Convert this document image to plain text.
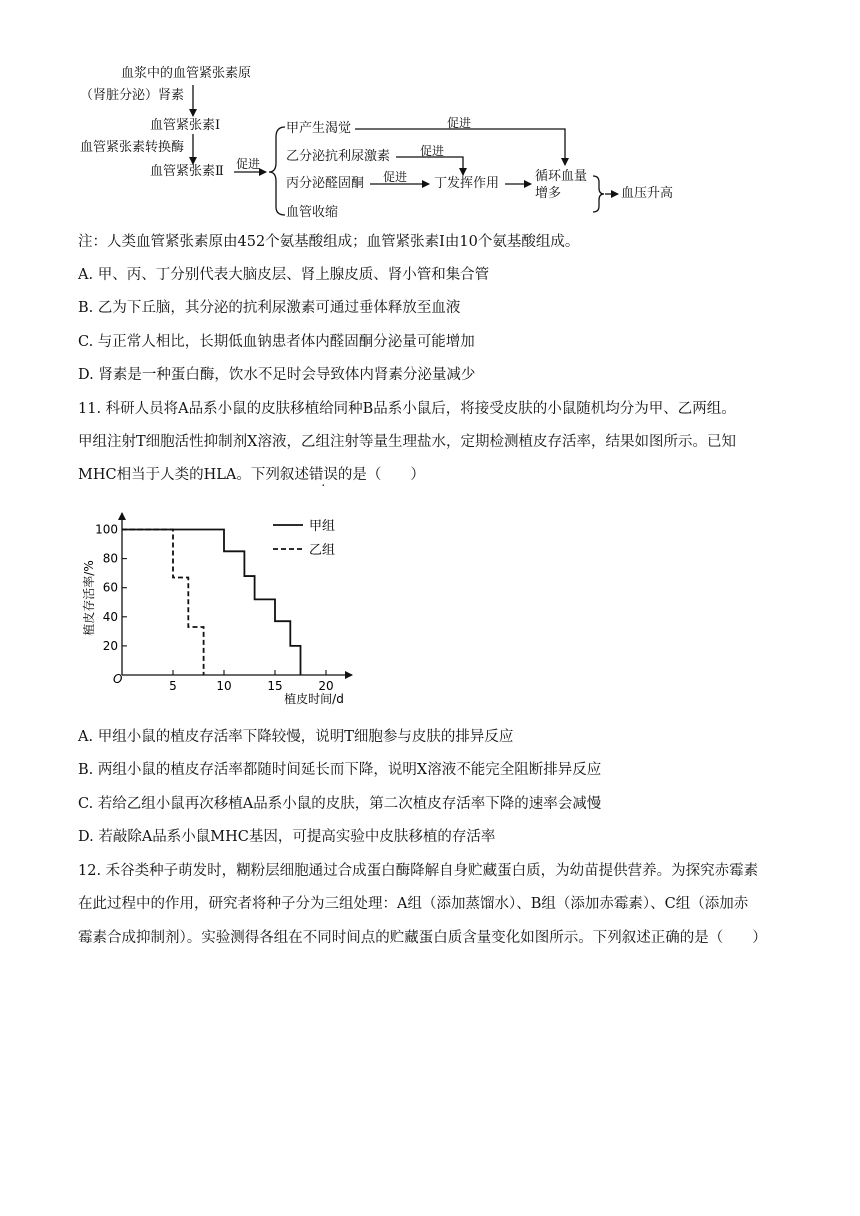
血浆中的血管紧张素原
（肾脏分泌）肾素
血管紧张素Ⅰ
血管紧张素转换酶
血管紧张素Ⅱ 促进
甲产生渴觉
乙分泌抗利尿激素
丙分泌醛固酮
血管收缩
促进
促进
促进 丁发挥作用	循环血量
增多	血压升高
注：人类血管紧张素原由452个氨基酸组成；血管紧张素Ⅰ由10个氨基酸组成。
A. 甲、丙、丁分别代表大脑皮层、肾上腺皮质、肾小管和集合管
B. 乙为下丘脑，其分泌的抗利尿激素可通过垂体释放至血液
C. 与正常人相比，长期低血钠患者体内醛固酮分泌量可能增加
D. 肾素是一种蛋白酶，饮水不足时会导致体内肾素分泌量减少
11. 科研人员将A品系小鼠的皮肤移植给同种B品系小鼠后，将接受皮肤的小鼠随机均分为甲、乙两组。
甲组注射T细胞活性抑制剂X溶液，乙组注射等量生理盐水，定期检测植皮存活率，结果如图所示。已知
MHC相当于人类的HLA。下列叙述错误的是（　　）
20
40
60
80
100
5	10	15	20
植皮存活率/%
植皮时间/d
O
甲组
乙组
A. 甲组小鼠的植皮存活率下降较慢，说明T细胞参与皮肤的排异反应
B. 两组小鼠的植皮存活率都随时间延长而下降，说明X溶液不能完全阻断排异反应
C. 若给乙组小鼠再次移植A品系小鼠的皮肤，第二次植皮存活率下降的速率会减慢
D. 若敲除A品系小鼠MHC基因，可提高实验中皮肤移植的存活率
12. 禾谷类种子萌发时，糊粉层细胞通过合成蛋白酶降解自身贮藏蛋白质，为幼苗提供营养。为探究赤霉素
在此过程中的作用，研究者将种子分为三组处理：A组（添加蒸馏水）、B组（添加赤霉素）、C组（添加赤
霉素合成抑制剂）。实验测得各组在不同时间点的贮藏蛋白质含量变化如图所示。下列叙述正确的是（　　）
